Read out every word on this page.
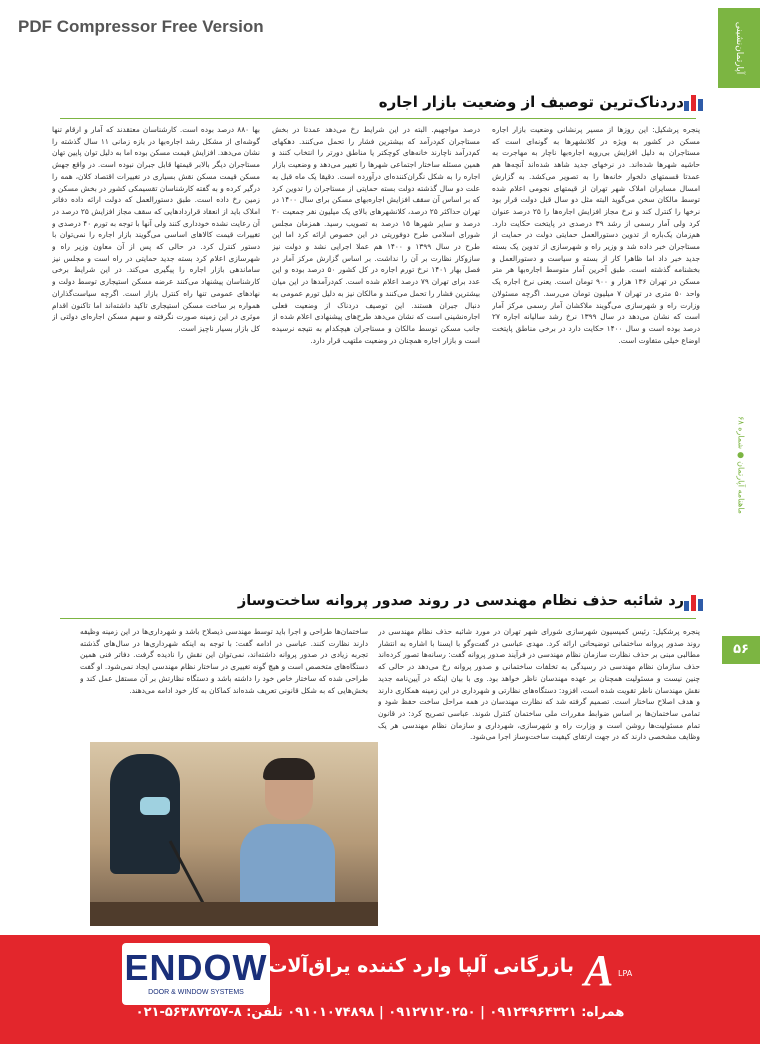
PDF Compressor Free Version	آپارتمان‌نشینی
ماهنامه آپارتمان ● شماره ۶۸
۵۶
دردناک‌ترین توصیف از وضعیت بازار اجاره

پنجره پرشکیل: این روزها از مسیر پرنشانی وضعیت بازار اجاره مسکن در کشور به ویژه در کلانشهرها به گونه‌ای است که مستاجران به دلیل افزایش بی‌رویه اجاره‌بها ناچار به مهاجرت به حاشیه شهرها شده‌اند. در نرخهای جدید شاهد شده‌اند آنچه‌ها هم عمدتا قسمتهای دلخوار خانه‌ها را به تصویر می‌کشد. به گزارش امسال مسایران املاک شهر تهران از قیمتهای نجومی اعلام شده توسط مالکان سخن می‌گوید البته مثل دو سال قبل دولت قرار بود نرخها را کنترل کند و نرخ مجاز افزایش اجاره‌ها را ۲۵ درصد عنوان کرد ولی آمار رسمی از رشد ۳۹ درصدی در پایتخت حکایت دارد. هم‌زمان یک‌باره از تدوین دستورالعمل حمایتی دولت در حمایت از مستاجران خبر داده شد و وزیر راه و شهرسازی از تدوین یک بسته جدید خبر داد اما ظاهرا کار از بسته و سیاست و دستورالعمل و بخشنامه گذشته است. طبق آخرین آمار متوسط اجاره‌بها هر متر مسکن در تهران ۱۳۶ هزار و ۹۰۰ تومان است. یعنی نرخ اجاره یک واحد ۵۰ متری در تهران ۷ میلیون تومان می‌رسد. اگرچه مسئولان وزارت راه و شهرسازی می‌گویند ملاکشان آمار رسمی مرکز آمار است که نشان می‌دهد در سال ۱۳۹۹ نرخ رشد سالیانه اجاره ۲۷ درصد بوده است و سال ۱۴۰۰ حکایت دارد در برخی مناطق پایتخت اوضاع خیلی متفاوت است.

درصد مواجهیم. البته در این شرایط رخ می‌دهد عمدتا در بخش مستاجران کم‌درآمد که بیشترین فشار را تحمل می‌کنند. دهکهای کم‌درآمد ناچارند خانه‌های کوچکتر یا مناطق دورتر را انتخاب کنند و همین مسئله ساختار اجتماعی شهرها را تغییر می‌دهد و وضعیت بازار اجاره را به شکل نگران‌کننده‌ای درآورده است. دقیقا یک ماه قبل به علت دو سال گذشته دولت بسته حمایتی از مستاجران را تدوین کرد که بر اساس آن سقف افزایش اجاره‌بهای مسکن برای سال ۱۴۰۰ در تهران حداکثر ۲۵ درصد، کلانشهرهای بالای یک میلیون نفر جمعیت ۲۰ درصد و سایر شهرها ۱۵ درصد به تصویب رسید. همزمان مجلس شورای اسلامی طرح دوفوریتی در این خصوص ارائه کرد اما این طرح در سال ۱۳۹۹ و ۱۴۰۰ هم عملا اجرایی نشد و دولت نیز سازوکار نظارت بر آن را نداشت. بر اساس گزارش مرکز آمار در فصل بهار ۱۴۰۱ نرخ تورم اجاره در کل کشور ۵۰ درصد بوده و این عدد برای تهران ۷۹ درصد اعلام شده است. کم‌درآمدها در این میان بیشترین فشار را تحمل می‌کنند و مالکان نیز به دلیل تورم عمومی به دنبال جبران هستند. این توصیف دردناک از وضعیت فعلی اجاره‌نشینی است که نشان می‌دهد طرح‌های پیشنهادی اعلام شده از جانب مسکن توسط مالکان و مستاجران هیچکدام به نتیجه نرسیده است و بازار اجاره همچنان در وضعیت ملتهب قرار دارد.

بها ۸۸۰ درصد بوده است. کارشناسان معتقدند که آمار و ارقام تنها گوشه‌ای از مشکل رشد اجاره‌بها در بازه زمانی ۱۱ سال گذشته را نشان می‌دهد. افزایش قیمت مسکن بوده اما به دلیل توان پایین تهان مستاجران دیگر بالابر قیمتها قابل جبران نبوده است. در واقع جهش مسکن قیمت مسکن نقش بسیاری در تغییرات اقتصاد کلان، همه را درگیر کرده و به گفته کارشناسان تقسیمکی کشور در بخش مسکن و زمین رخ داده است. طبق دستورالعمل که دولت ارائه داده دفاتر املاک باید از انعقاد قراردادهایی که سقف مجاز افزایش ۲۵ درصد در آن رعایت نشده خودداری کنند ولی آنها با توجه به تورم ۴۰ درصدی و تغییرات قیمت کالاهای اساسی می‌گویند بازار اجاره را نمی‌توان با دستور کنترل کرد. در حالی که پس از آن معاون وزیر راه و شهرسازی اعلام کرد بسته جدید حمایتی در راه است و مجلس نیز ساماندهی بازار اجاره را پیگیری می‌کند. در این شرایط برخی کارشناسان پیشنهاد می‌کنند عرضه مسکن استیجاری توسط دولت و نهادهای عمومی تنها راه کنترل بازار است. اگرچه سیاست‌گذاران همواره بر ساخت مسکن استیجاری تاکید داشته‌اند اما تاکنون اقدام موثری در این زمینه صورت نگرفته و سهم مسکن اجاره‌ای دولتی از کل بازار بسیار ناچیز است.

رد شائبه حذف نظام مهندسی در روند صدور پروانه ساخت‌وساز

پنجره پرشکیل: رئیس کمیسیون شهرسازی شورای شهر تهران در مورد شائبه حذف نظام مهندسی در روند صدور پروانه ساختمانی توضیحاتی ارائه کرد. مهدی عباسی در گفت‌وگو با ایسنا با اشاره به انتشار مطالبی مبنی بر حذف نظارت سازمان نظام مهندسی در فرآیند صدور پروانه گفت: رسانه‌ها تصور کرده‌اند حذف سازمان نظام مهندسی در رسیدگی به تخلفات ساختمانی و صدور پروانه رخ می‌دهد در حالی که چنین نیست و مسئولیت همچنان بر عهده مهندسان ناظر خواهد بود. وی با بیان اینکه در آیین‌نامه جدید نقش مهندسان ناظر تقویت شده است، افزود: دستگاه‌های نظارتی و شهرداری در این زمینه همکاری دارند و هدف اصلاح ساختار است. تصمیم گرفته شد که نظارت مهندسان در همه مراحل ساخت حفظ شود و تمامی ساختمان‌ها بر اساس ضوابط مقررات ملی ساختمان کنترل شوند. عباسی تصریح کرد: در قانون تمام مسئولیت‌ها روشن است و وزارت راه و شهرسازی، شهرداری و سازمان نظام مهندسی هر یک وظایف مشخصی دارند که در جهت ارتقای کیفیت ساخت‌وساز اجرا می‌شود.

ساختمان‌ها طراحی و اجرا باید توسط مهندسی ذیصلاح باشد و شهرداری‌ها در این زمینه وظیفه دارند نظارت کنند. عباسی در ادامه گفت: با توجه به اینکه شهرداری‌ها در سال‌های گذشته تجربه زیادی در صدور پروانه داشته‌اند، نمی‌توان این نقش را نادیده گرفت. دفاتر فنی همین دستگاه‌های متخصص است و هیچ گونه تغییری در ساختار نظام مهندسی ایجاد نمی‌شود. او گفت طراحی شده که ساختار خاص خود را داشته باشد و دستگاه نظارتش بر آن مستقل عمل کند و بخش‌هایی که به شکل قانونی تعریف شده‌اند کماکان به کار خود ادامه می‌دهند.

ENDOW
DOOR & WINDOW SYSTEMS
بازرگانی آلپا وارد کننده یراق‌آلات A LPA
همراه: ۰۹۱۲۴۹۶۴۳۲۱ | ۰۹۱۲۷۱۲۰۲۵۰ | ۰۹۱۰۱۰۷۴۸۹۸ تلفن: ۸-۵۶۳۸۷۲۵۷-۰۲۱
